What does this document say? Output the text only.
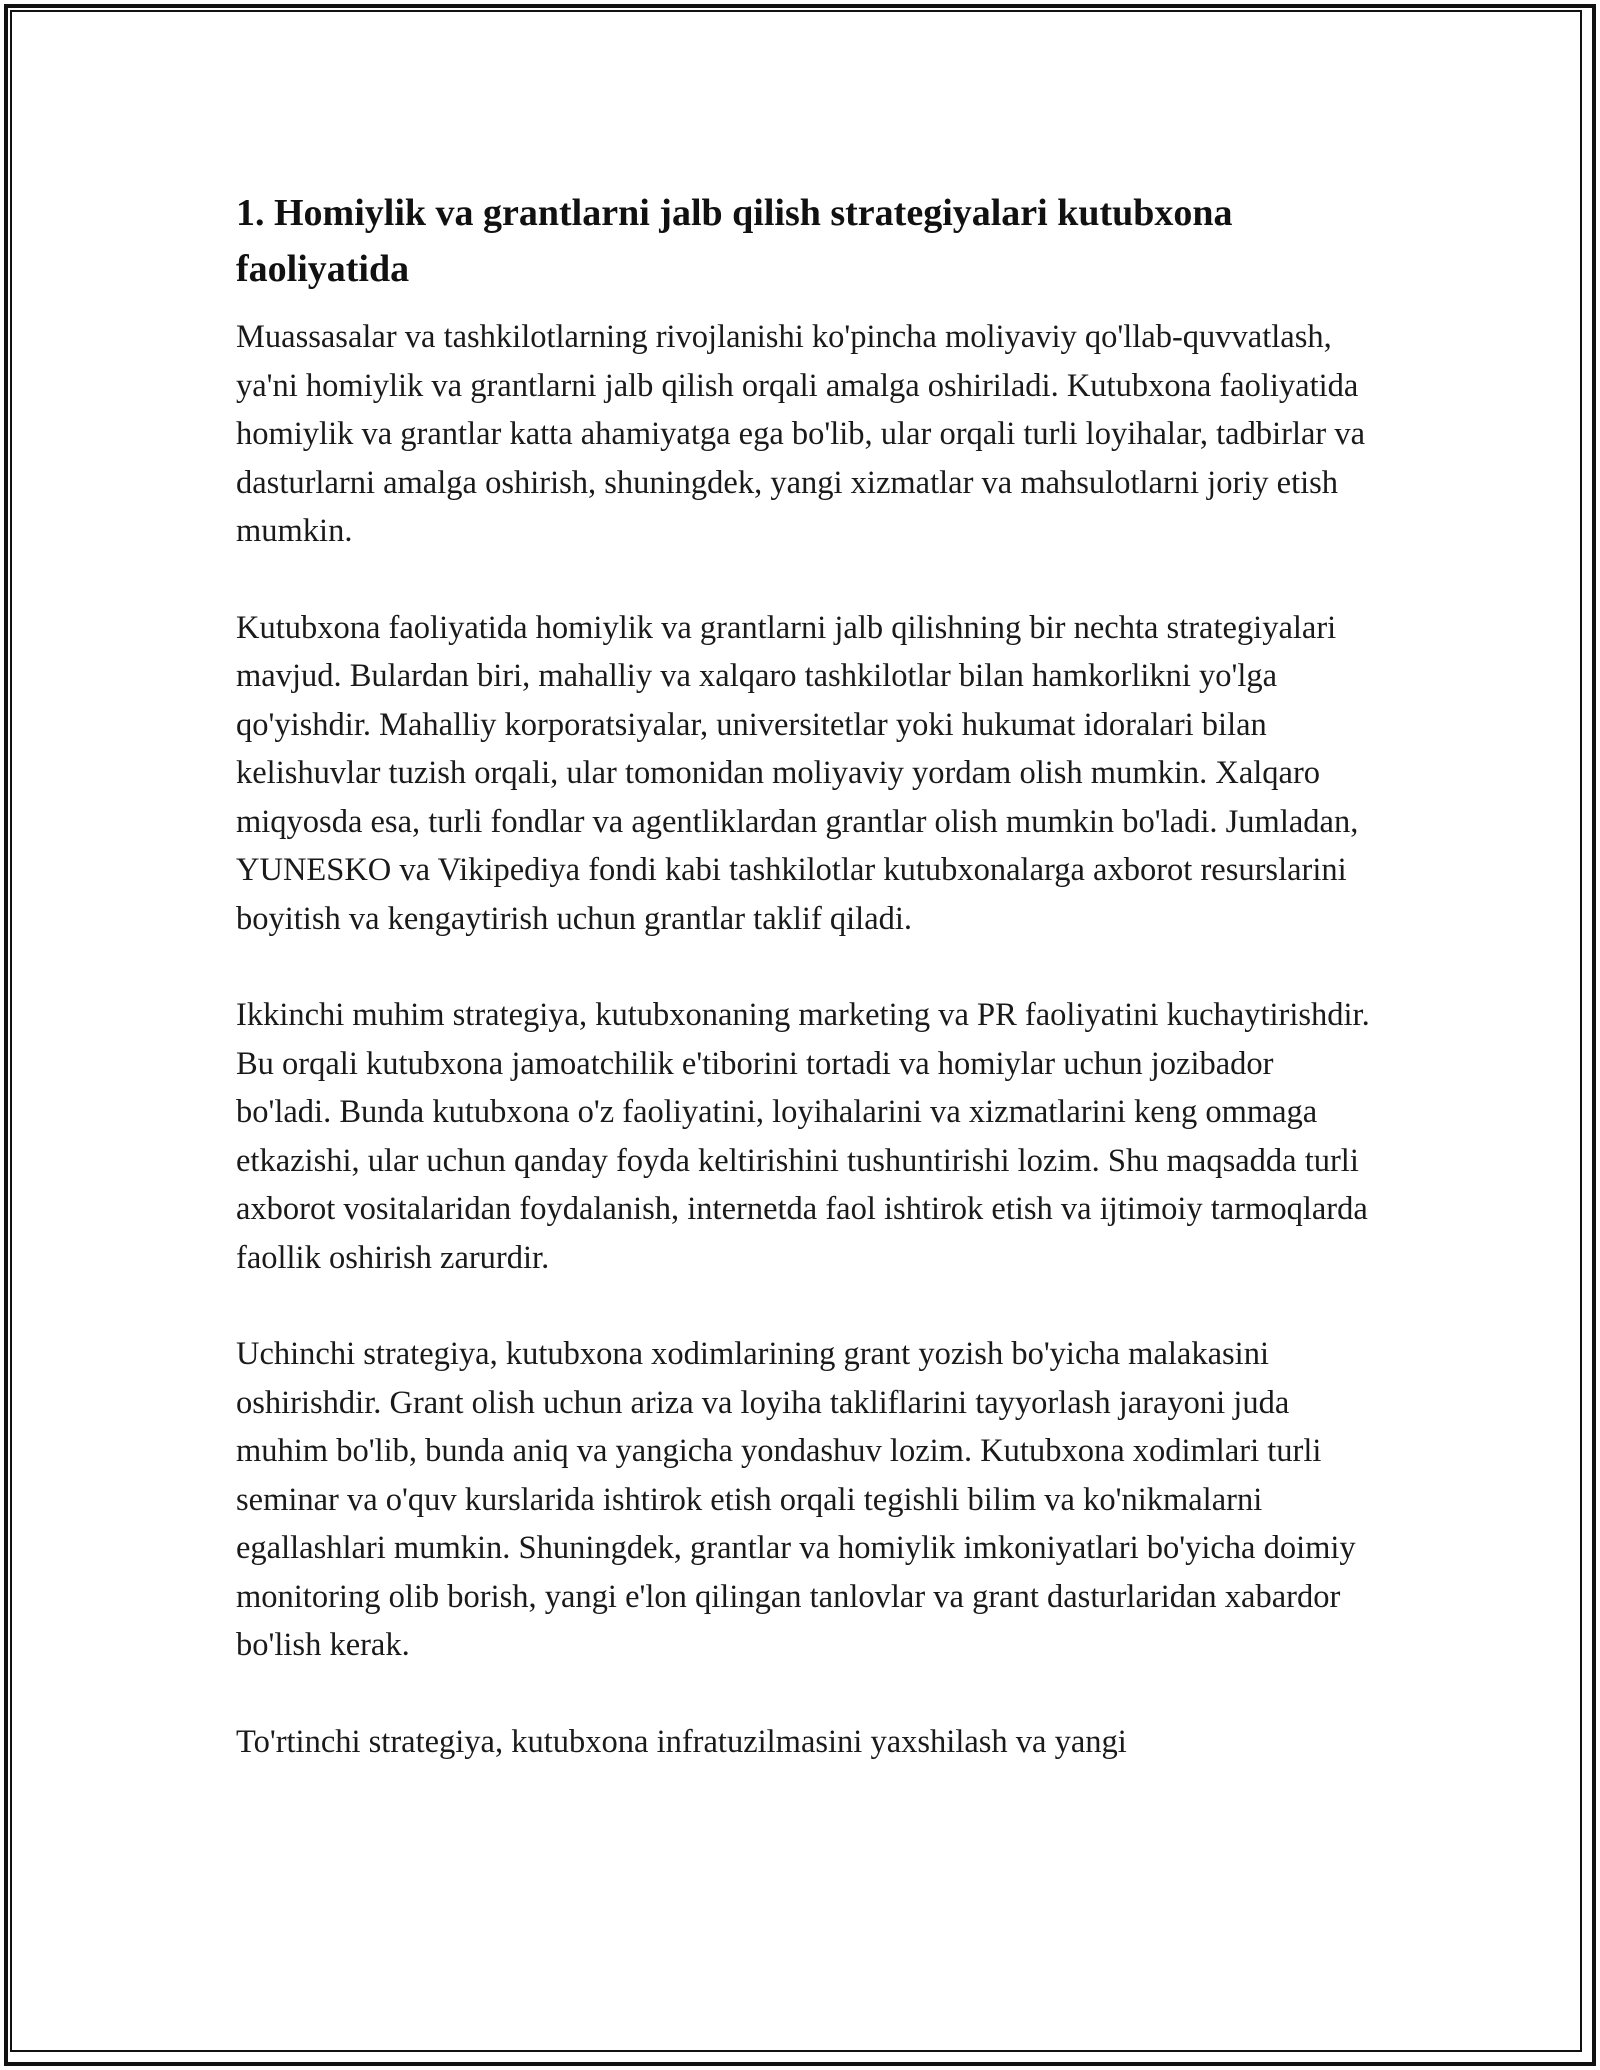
1. Homiylik va grantlarni jalb qilish strategiyalari kutubxona faoliyatida

Muassasalar va tashkilotlarning rivojlanishi ko'pincha moliyaviy qo'llab-quvvatlash, ya'ni homiylik va grantlarni jalb qilish orqali amalga oshiriladi. Kutubxona faoliyatida homiylik va grantlar katta ahamiyatga ega bo'lib, ular orqali turli loyihalar, tadbirlar va dasturlarni amalga oshirish, shuningdek, yangi xizmatlar va mahsulotlarni joriy etish mumkin.

Kutubxona faoliyatida homiylik va grantlarni jalb qilishning bir nechta strategiyalari mavjud. Bulardan biri, mahalliy va xalqaro tashkilotlar bilan hamkorlikni yo'lga qo'yishdir. Mahalliy korporatsiyalar, universitetlar yoki hukumat idoralari bilan kelishuvlar tuzish orqali, ular tomonidan moliyaviy yordam olish mumkin. Xalqaro miqyosda esa, turli fondlar va agentliklardan grantlar olish mumkin bo'ladi. Jumladan, YUNESKO va Vikipediya fondi kabi tashkilotlar kutubxonalarga axborot resurslarini boyitish va kengaytirish uchun grantlar taklif qiladi.

Ikkinchi muhim strategiya, kutubxonaning marketing va PR faoliyatini kuchaytirishdir. Bu orqali kutubxona jamoatchilik e'tiborini tortadi va homiylar uchun jozibador bo'ladi. Bunda kutubxona o'z faoliyatini, loyihalarini va xizmatlarini keng ommaga etkazishi, ular uchun qanday foyda keltirishini tushuntirishi lozim. Shu maqsadda turli axborot vositalaridan foydalanish, internetda faol ishtirok etish va ijtimoiy tarmoqlarda faollik oshirish zarurdir.

Uchinchi strategiya, kutubxona xodimlarining grant yozish bo'yicha malakasini oshirishdir. Grant olish uchun ariza va loyiha takliflarini tayyorlash jarayoni juda muhim bo'lib, bunda aniq va yangicha yondashuv lozim. Kutubxona xodimlari turli seminar va o'quv kurslarida ishtirok etish orqali tegishli bilim va ko'nikmalarni egallashlari mumkin. Shuningdek, grantlar va homiylik imkoniyatlari bo'yicha doimiy monitoring olib borish, yangi e'lon qilingan tanlovlar va grant dasturlaridan xabardor bo'lish kerak.

To'rtinchi strategiya, kutubxona infratuzilmasini yaxshilash va yangi
